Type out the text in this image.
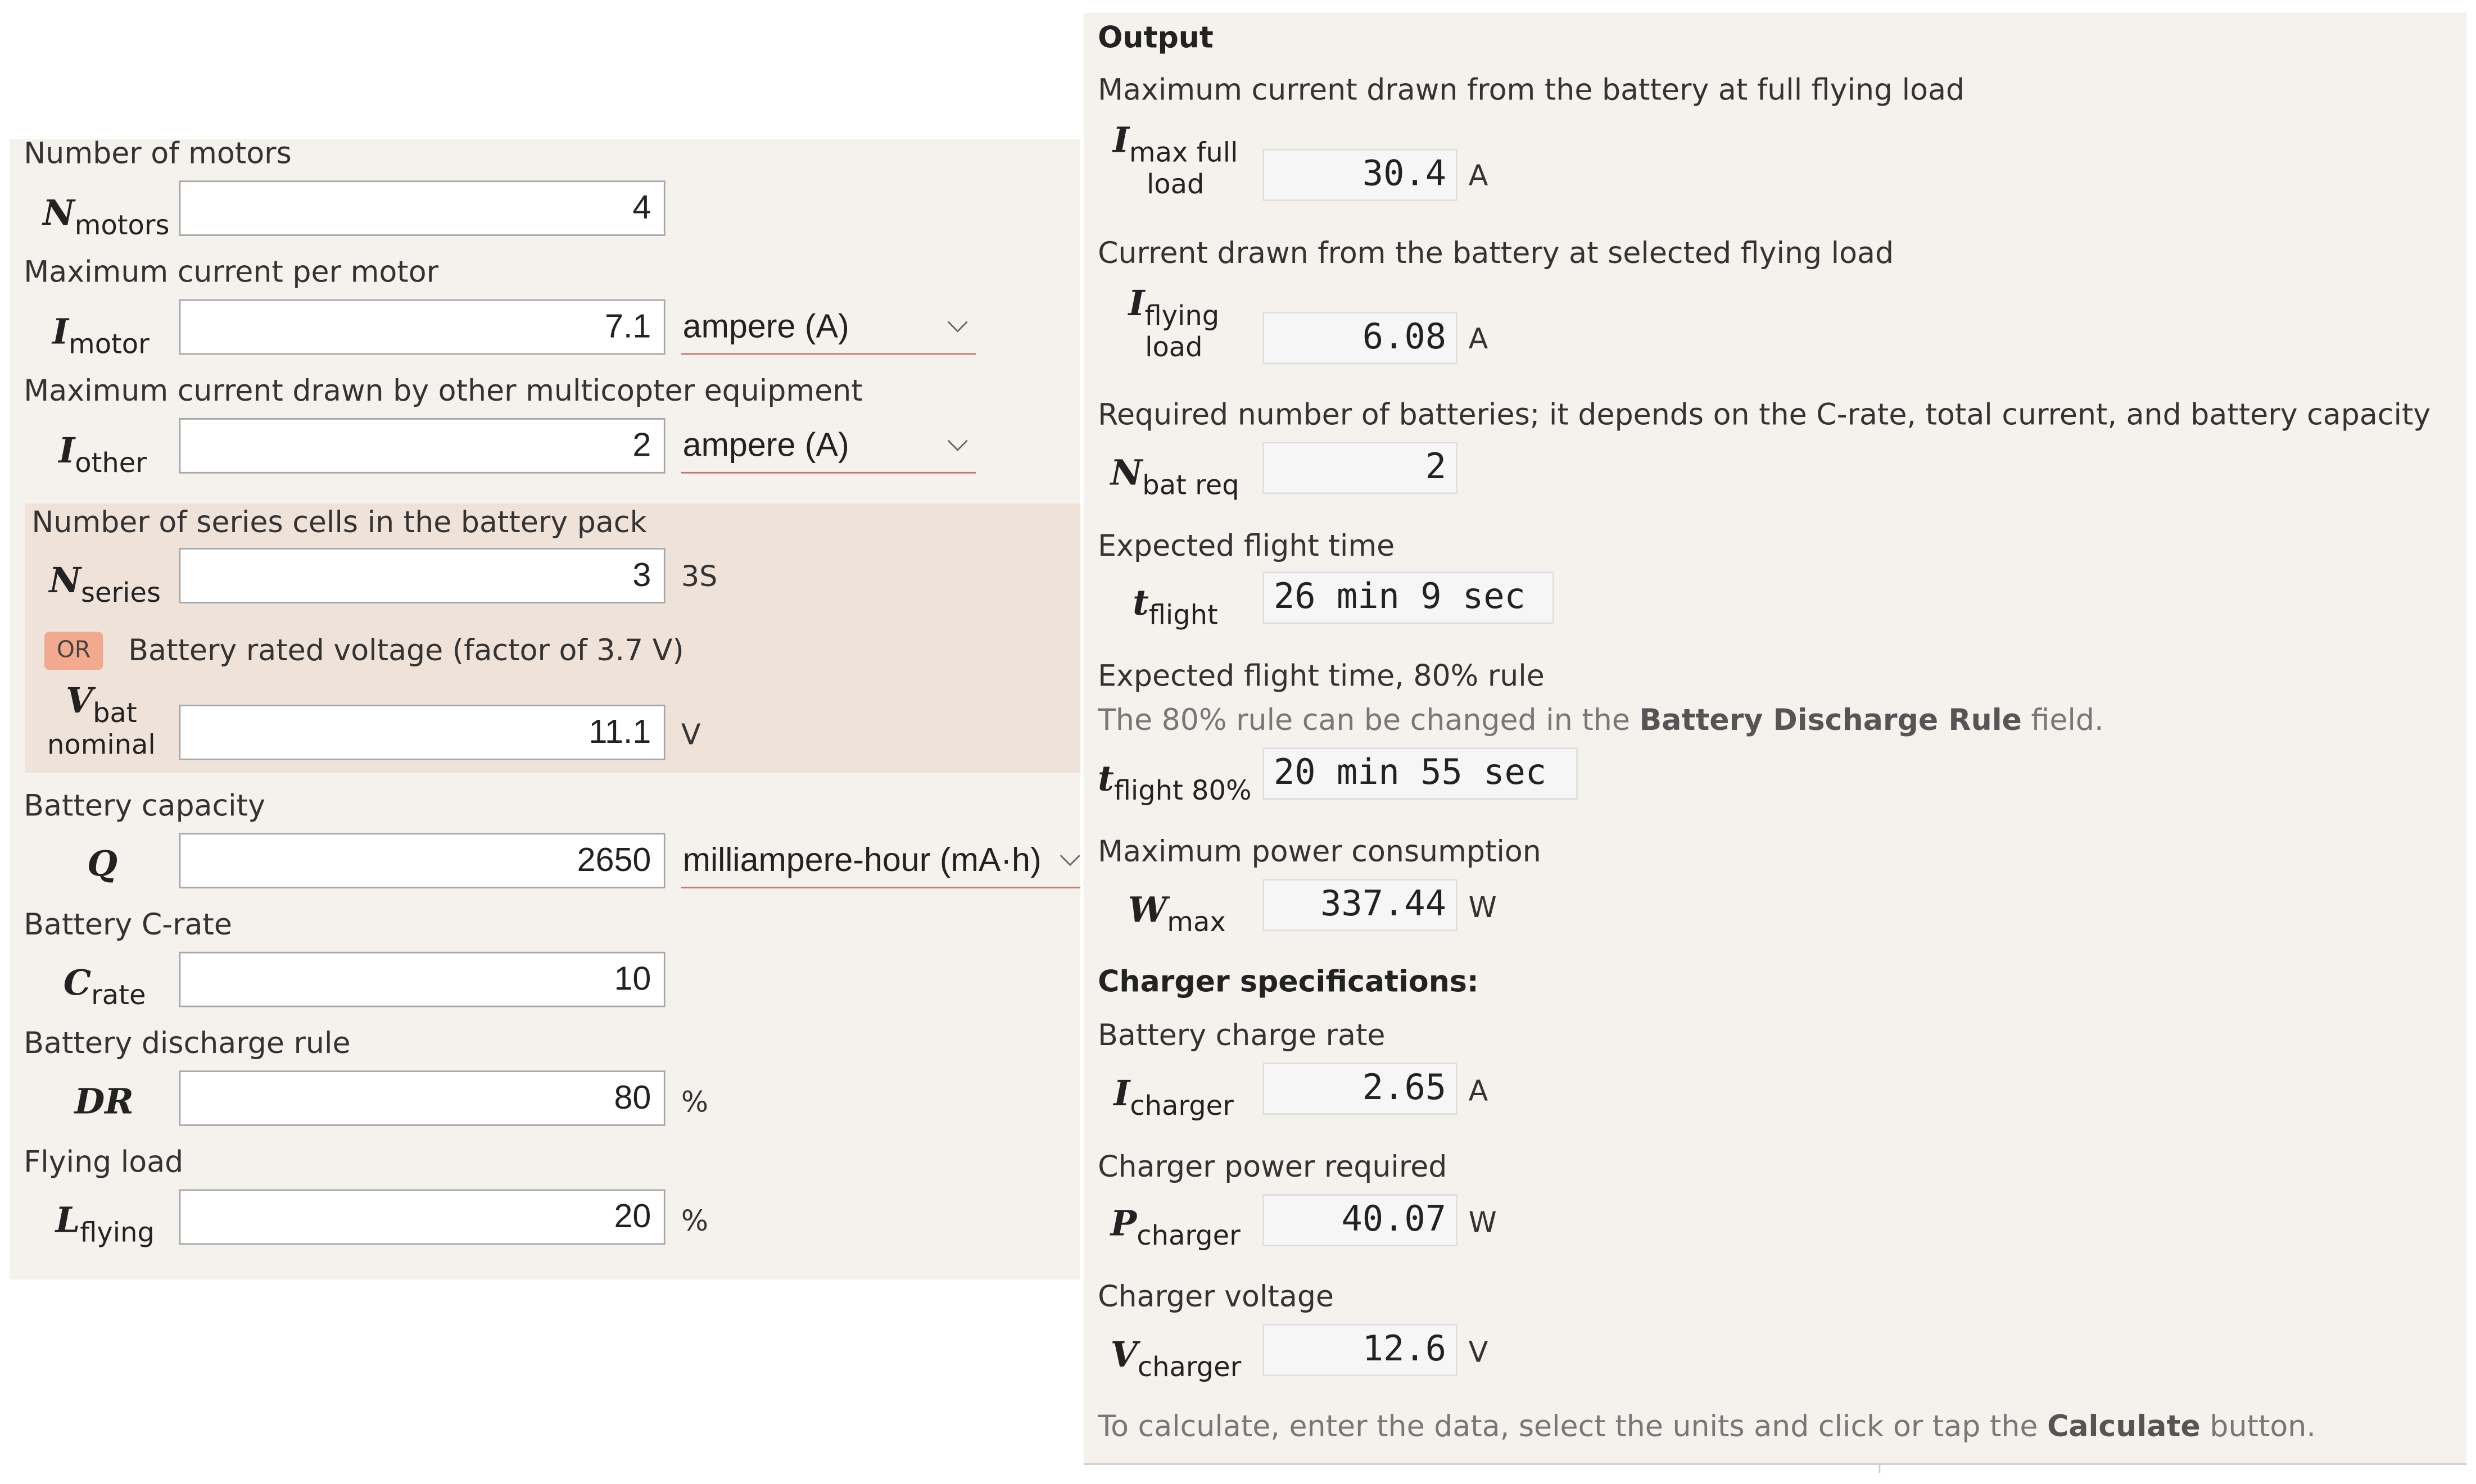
Number of motors
$N_{motors}$	4
Maximum current per motor
$I_{motor}$	7.1	ampere (A)
Maximum current drawn by other multicopter equipment
$I_{other}$	2	ampere (A)
Number of series cells in the battery pack
$N_{series}$	3	3S
OR	Battery rated voltage (factor of 3.7 V)
Vbat
nominal	11.1	V
Battery capacity
Q	2650	milliampere-hour (mA·h)
Battery C-rate
$C_{rate}$	10
Battery discharge rule
DR	80	%
Flying load
$L_{flying}$	20	%
Output
Maximum current drawn from the battery at full flying load
Imax full
load	30.4	A
Current drawn from the battery at selected flying load
Iflying
load	6.08	A
Required number of batteries; it depends on the C-rate, total current, and battery capacity
$N_{bat req}$	2
Expected flight time
$t_{flight}$	26 min 9 sec
Expected flight time, 80% rule
The 80% rule can be changed in the Battery Discharge Rule field.
$t_{flight 80\%}$	20 min 55 sec
Maximum power consumption
$W_{max}$	337.44	W
Charger specifications:
Battery charge rate
$I_{charger}$	2.65	A
Charger power required
$P_{charger}$	40.07	W
Charger voltage
$V_{charger}$	12.6	V
To calculate, enter the data, select the units and click or tap the Calculate button.
